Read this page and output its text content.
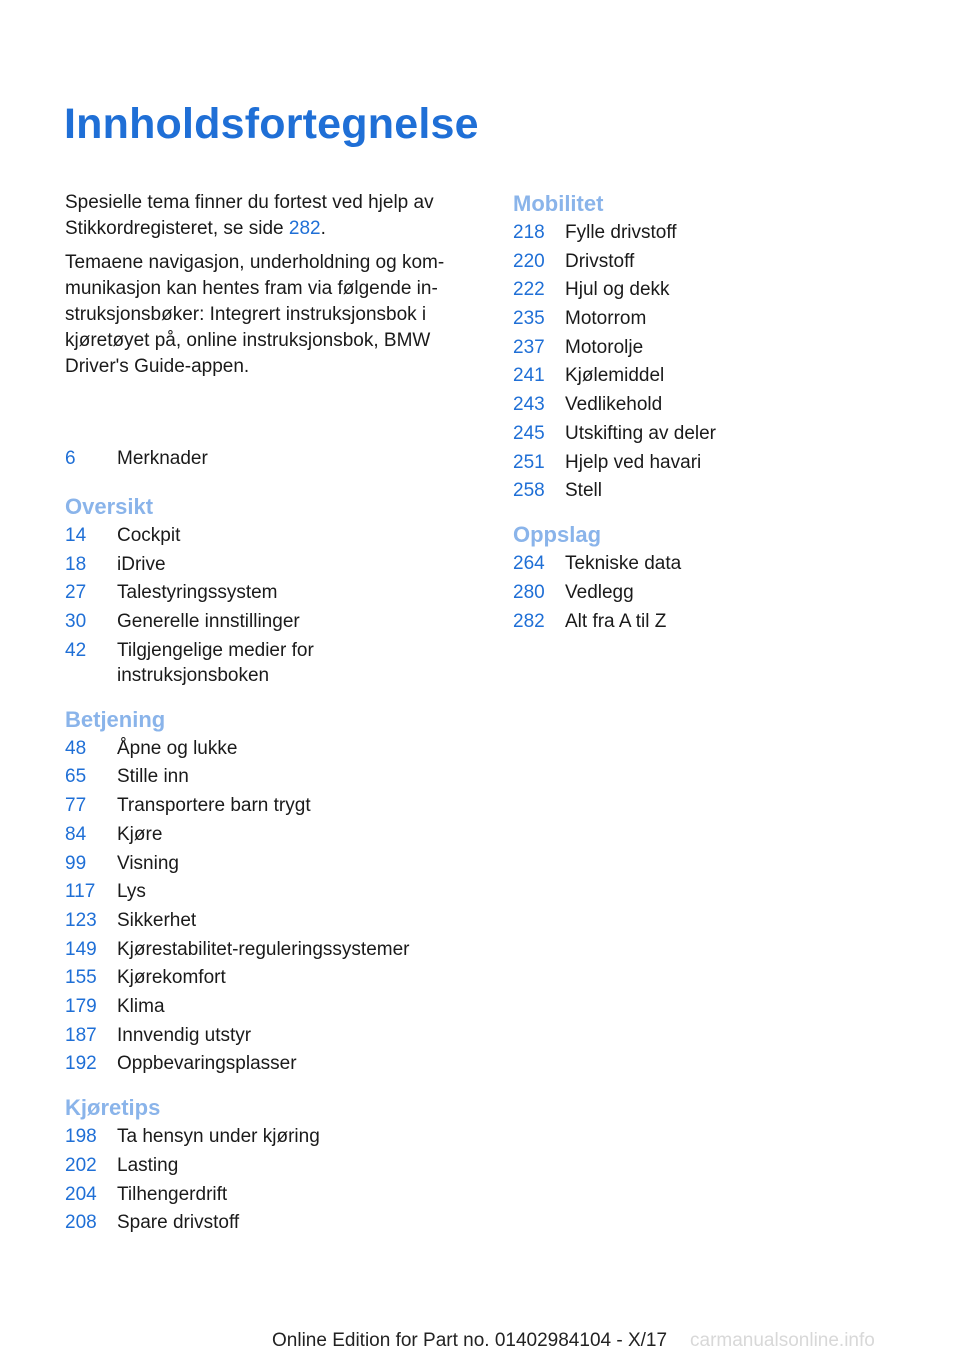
Innholdsfortegnelse

Spesielle tema finner du fortest ved hjelp av Stikkordregisteret, se side 282.

Temaene navigasjon, underholdning og kom-munikasjon kan hentes fram via følgende in-struksjonsbøker: Integrert instruksjonsbok i kjøretøyet på, online instruksjonsbok, BMW Driver's Guide-appen.

6	Merknader
Oversikt
14	Cockpit
18	iDrive
27	Talestyringssystem
30	Generelle innstillinger
42	Tilgjengelige medier for instruksjonsboken
Betjening
48	Åpne og lukke
65	Stille inn
77	Transportere barn trygt
84	Kjøre
99	Visning
117	Lys
123	Sikkerhet
149	Kjørestabilitet-reguleringssystemer
155	Kjørekomfort
179	Klima
187	Innvendig utstyr
192	Oppbevaringsplasser
Kjøretips
198	Ta hensyn under kjøring
202	Lasting
204	Tilhengerdrift
208	Spare drivstoff
Mobilitet
218	Fylle drivstoff
220	Drivstoff
222	Hjul og dekk
235	Motorrom
237	Motorolje
241	Kjølemiddel
243	Vedlikehold
245	Utskifting av deler
251	Hjelp ved havari
258	Stell
Oppslag
264	Tekniske data
280	Vedlegg
282	Alt fra A til Z
Online Edition for Part no. 01402984104 - X/17 carmanualsonline.info
